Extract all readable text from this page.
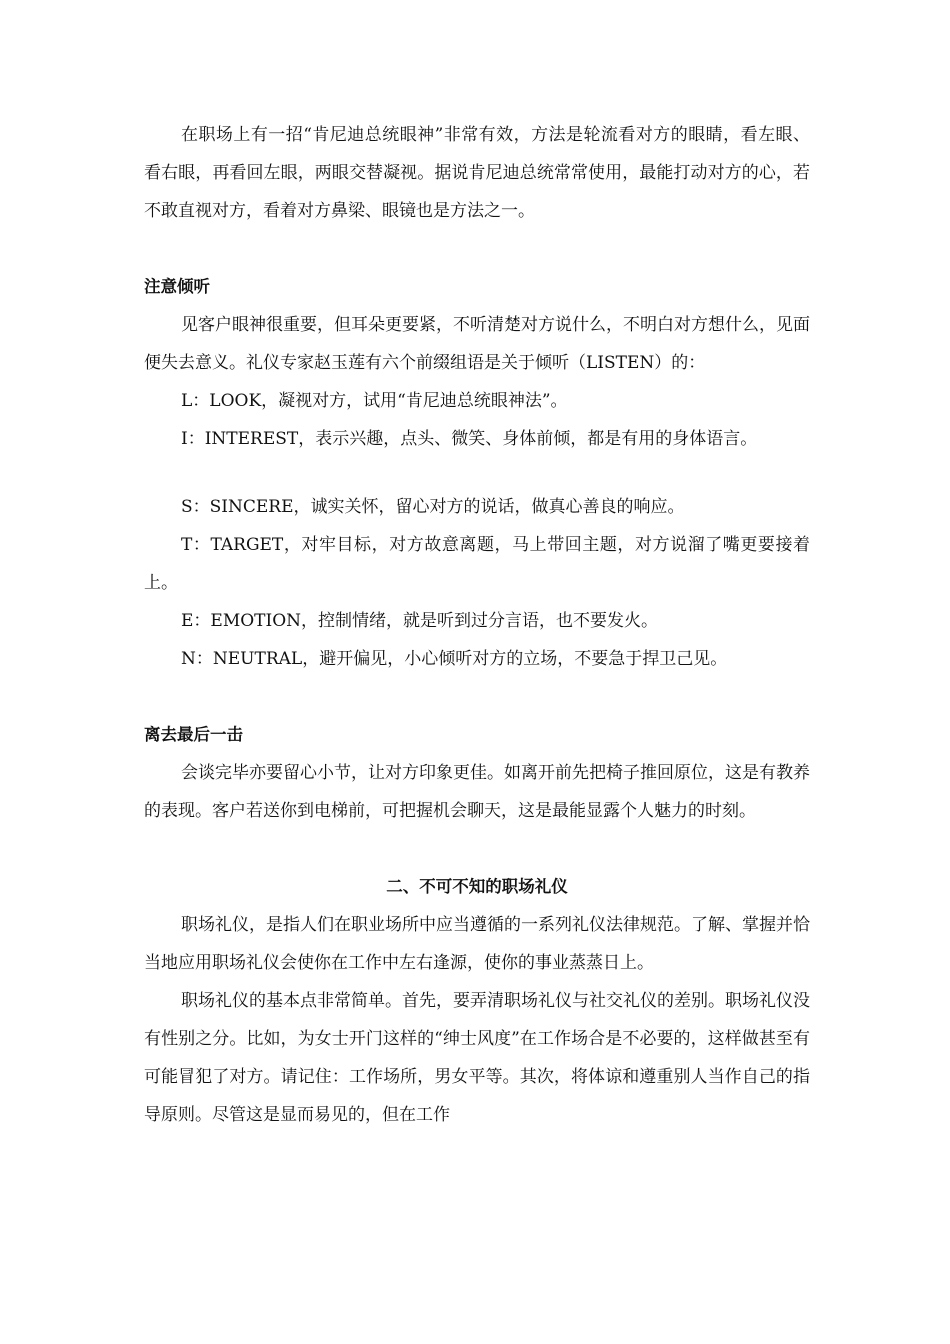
在职场上有一招“肯尼迪总统眼神”非常有效，方法是轮流看对方的眼睛，看左眼、看右眼，再看回左眼，两眼交替凝视。据说肯尼迪总统常常使用，最能打动对方的心，若不敢直视对方，看着对方鼻梁、眼镜也是方法之一。

注意倾听

见客户眼神很重要，但耳朵更要紧，不听清楚对方说什么，不明白对方想什么，见面便失去意义。礼仪专家赵玉莲有六个前缀组语是关于倾听（LISTEN）的：

L：LOOK，凝视对方，试用“肯尼迪总统眼神法”。

I：INTEREST，表示兴趣，点头、微笑、身体前倾，都是有用的身体语言。

S：SINCERE，诚实关怀，留心对方的说话，做真心善良的响应。

T：TARGET，对牢目标，对方故意离题，马上带回主题，对方说溜了嘴更要接着上。

E：EMOTION，控制情绪，就是听到过分言语，也不要发火。

N：NEUTRAL，避开偏见，小心倾听对方的立场，不要急于捍卫己见。

离去最后一击

会谈完毕亦要留心小节，让对方印象更佳。如离开前先把椅子推回原位，这是有教养的表现。客户若送你到电梯前，可把握机会聊天，这是最能显露个人魅力的时刻。

二、不可不知的职场礼仪

职场礼仪，是指人们在职业场所中应当遵循的一系列礼仪法律规范。了解、掌握并恰当地应用职场礼仪会使你在工作中左右逢源，使你的事业蒸蒸日上。

职场礼仪的基本点非常简单。首先，要弄清职场礼仪与社交礼仪的差别。职场礼仪没有性别之分。比如，为女士开门这样的“绅士风度”在工作场合是不必要的，这样做甚至有可能冒犯了对方。请记住：工作场所，男女平等。其次，将体谅和遵重别人当作自己的指导原则。尽管这是显而易见的，但在工作
